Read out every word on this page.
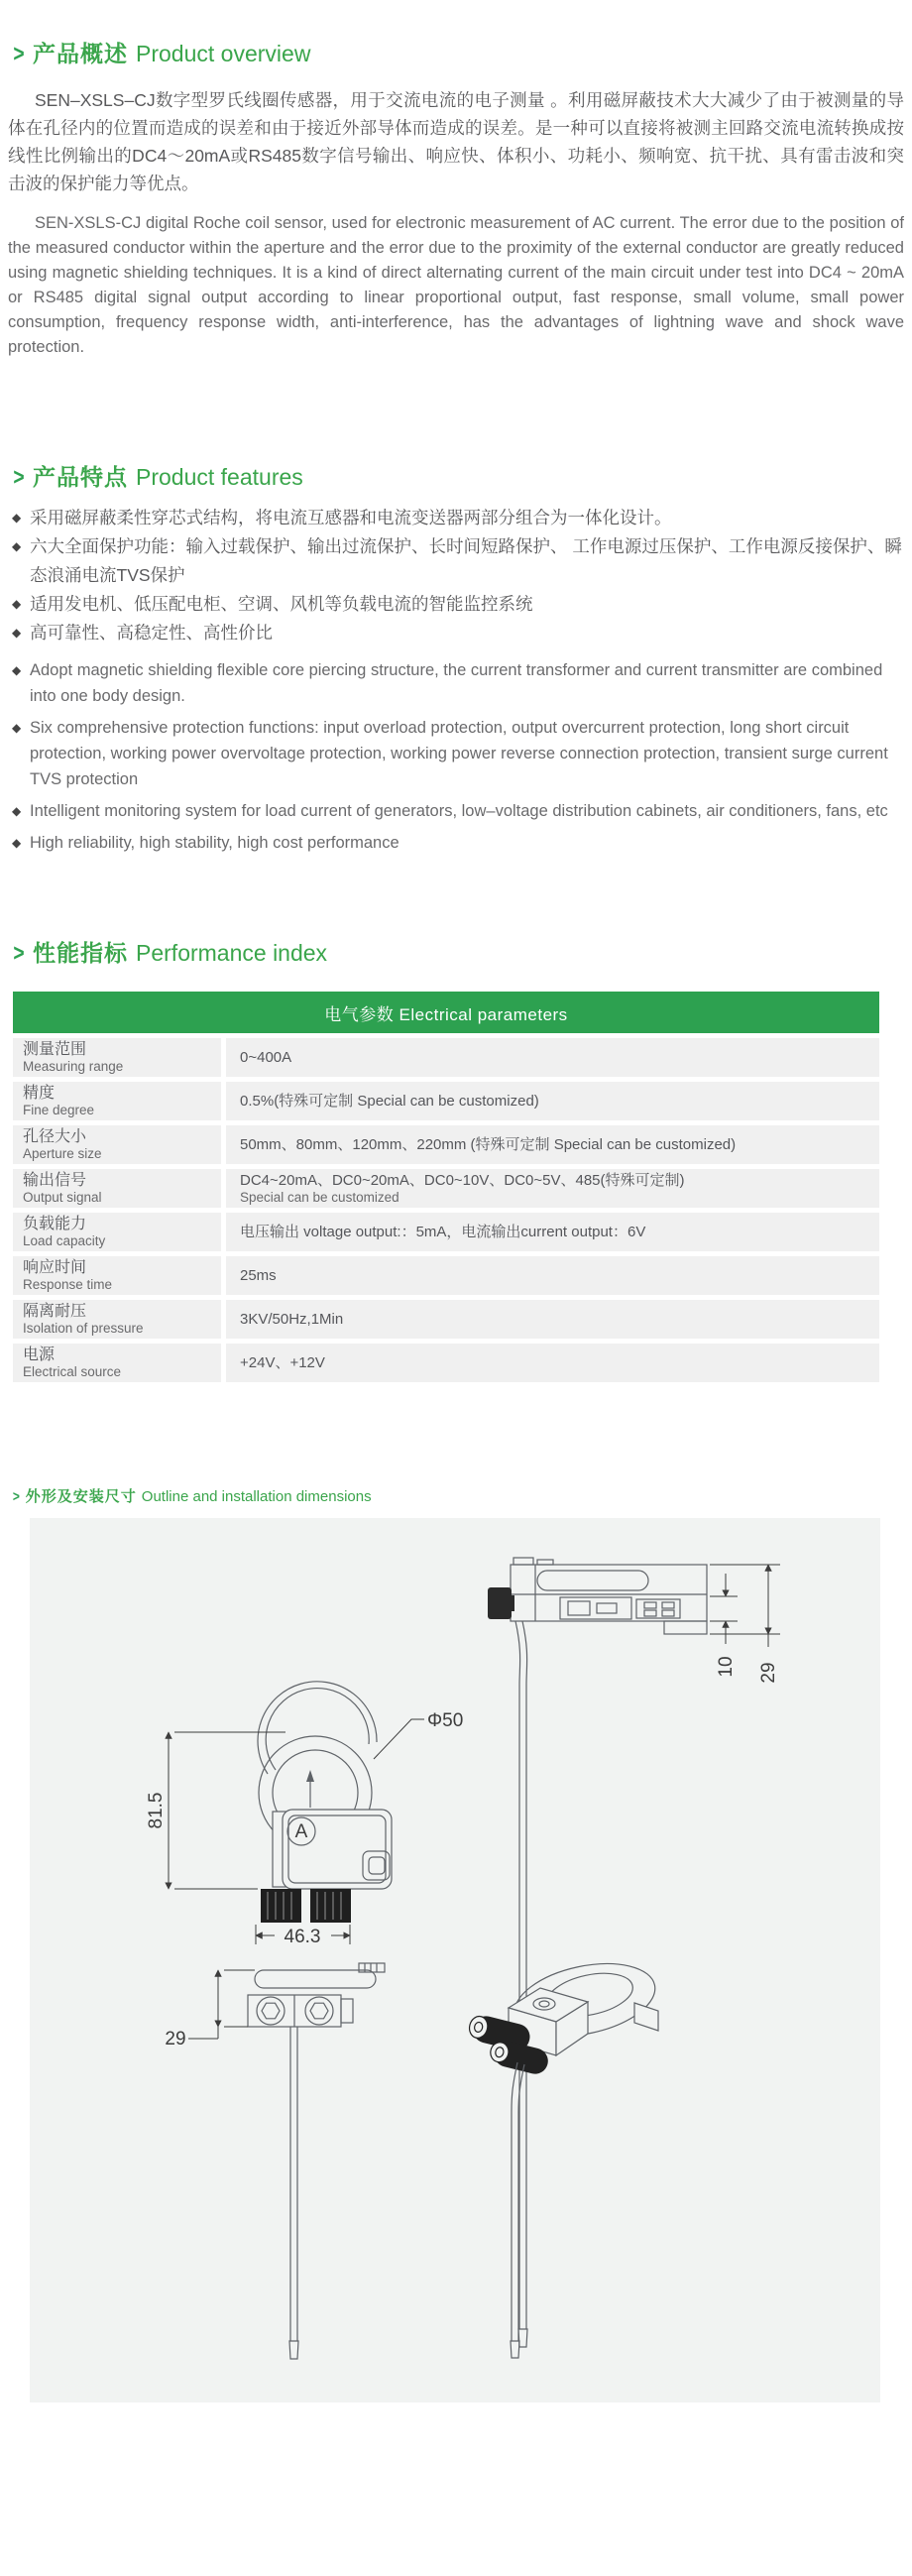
> 产品概述 Product overview

SEN–XSLS–CJ数字型罗氏线圈传感器，用于交流电流的电子测量 。利用磁屏蔽技术大大减少了由于被测量的导体在孔径内的位置而造成的误差和由于接近外部导体而造成的误差。是一种可以直接将被测主回路交流电流转换成按线性比例输出的DC4～20mA或RS485数字信号输出、响应快、体积小、功耗小、频响宽、抗干扰、具有雷击波和突击波的保护能力等优点。

SEN-XSLS-CJ digital Roche coil sensor, used for electronic measurement of AC current. The error due to the position of the measured conductor within the aperture and the error due to the proximity of the external conductor are greatly reduced using magnetic shielding techniques. It is a kind of direct alternating current of the main circuit under test into DC4 ~ 20mA or RS485 digital signal output according to linear proportional output, fast response, small volume, small power consumption, frequency response width, anti-interference, has the advantages of lightning wave and shock wave protection.

> 产品特点 Product features
◆ 采用磁屏蔽柔性穿芯式结构，将电流互感器和电流变送器两部分组合为一体化设计。
◆ 六大全面保护功能：输入过载保护、输出过流保护、长时间短路保护、 工作电源过压保护、工作电源反接保护、瞬态浪涌电流TVS保护
◆ 适用发电机、低压配电柜、空调、风机等负载电流的智能监控系统
◆ 高可靠性、高稳定性、高性价比
◆ Adopt magnetic shielding flexible core piercing structure, the current transformer and current transmitter are combined into one body design.
◆ Six comprehensive protection functions: input overload protection, output overcurrent protection, long short circuit protection, working power overvoltage protection, working power reverse connection protection, transient surge current TVS protection
◆ Intelligent monitoring system for load current of generators, low–voltage distribution cabinets, air conditioners, fans, etc
◆ High reliability, high stability, high cost performance
> 性能指标 Performance index
电气参数 Electrical parameters
测量范围
Measuring range
0~400A
精度
Fine degree
0.5%(特殊可定制 Special can be customized)
孔径大小
Aperture size
50mm、80mm、120mm、220mm (特殊可定制 Special can be customized)
输出信号
Output signal
DC4~20mA、DC0~20mA、DC0~10V、DC0~5V、485(特殊可定制)
Special can be customized
负载能力
Load capacity
电压输出 voltage output:：5mA，电流输出current output：6V
响应时间
Response time
25ms
隔离耐压
Isolation of pressure
3KV/50Hz,1Min
电源
Electrical source
+24V、+12V
> 外形及安装尺寸 Outline and installation dimensions
10 29
A
81.5
46.3
Φ50
29
